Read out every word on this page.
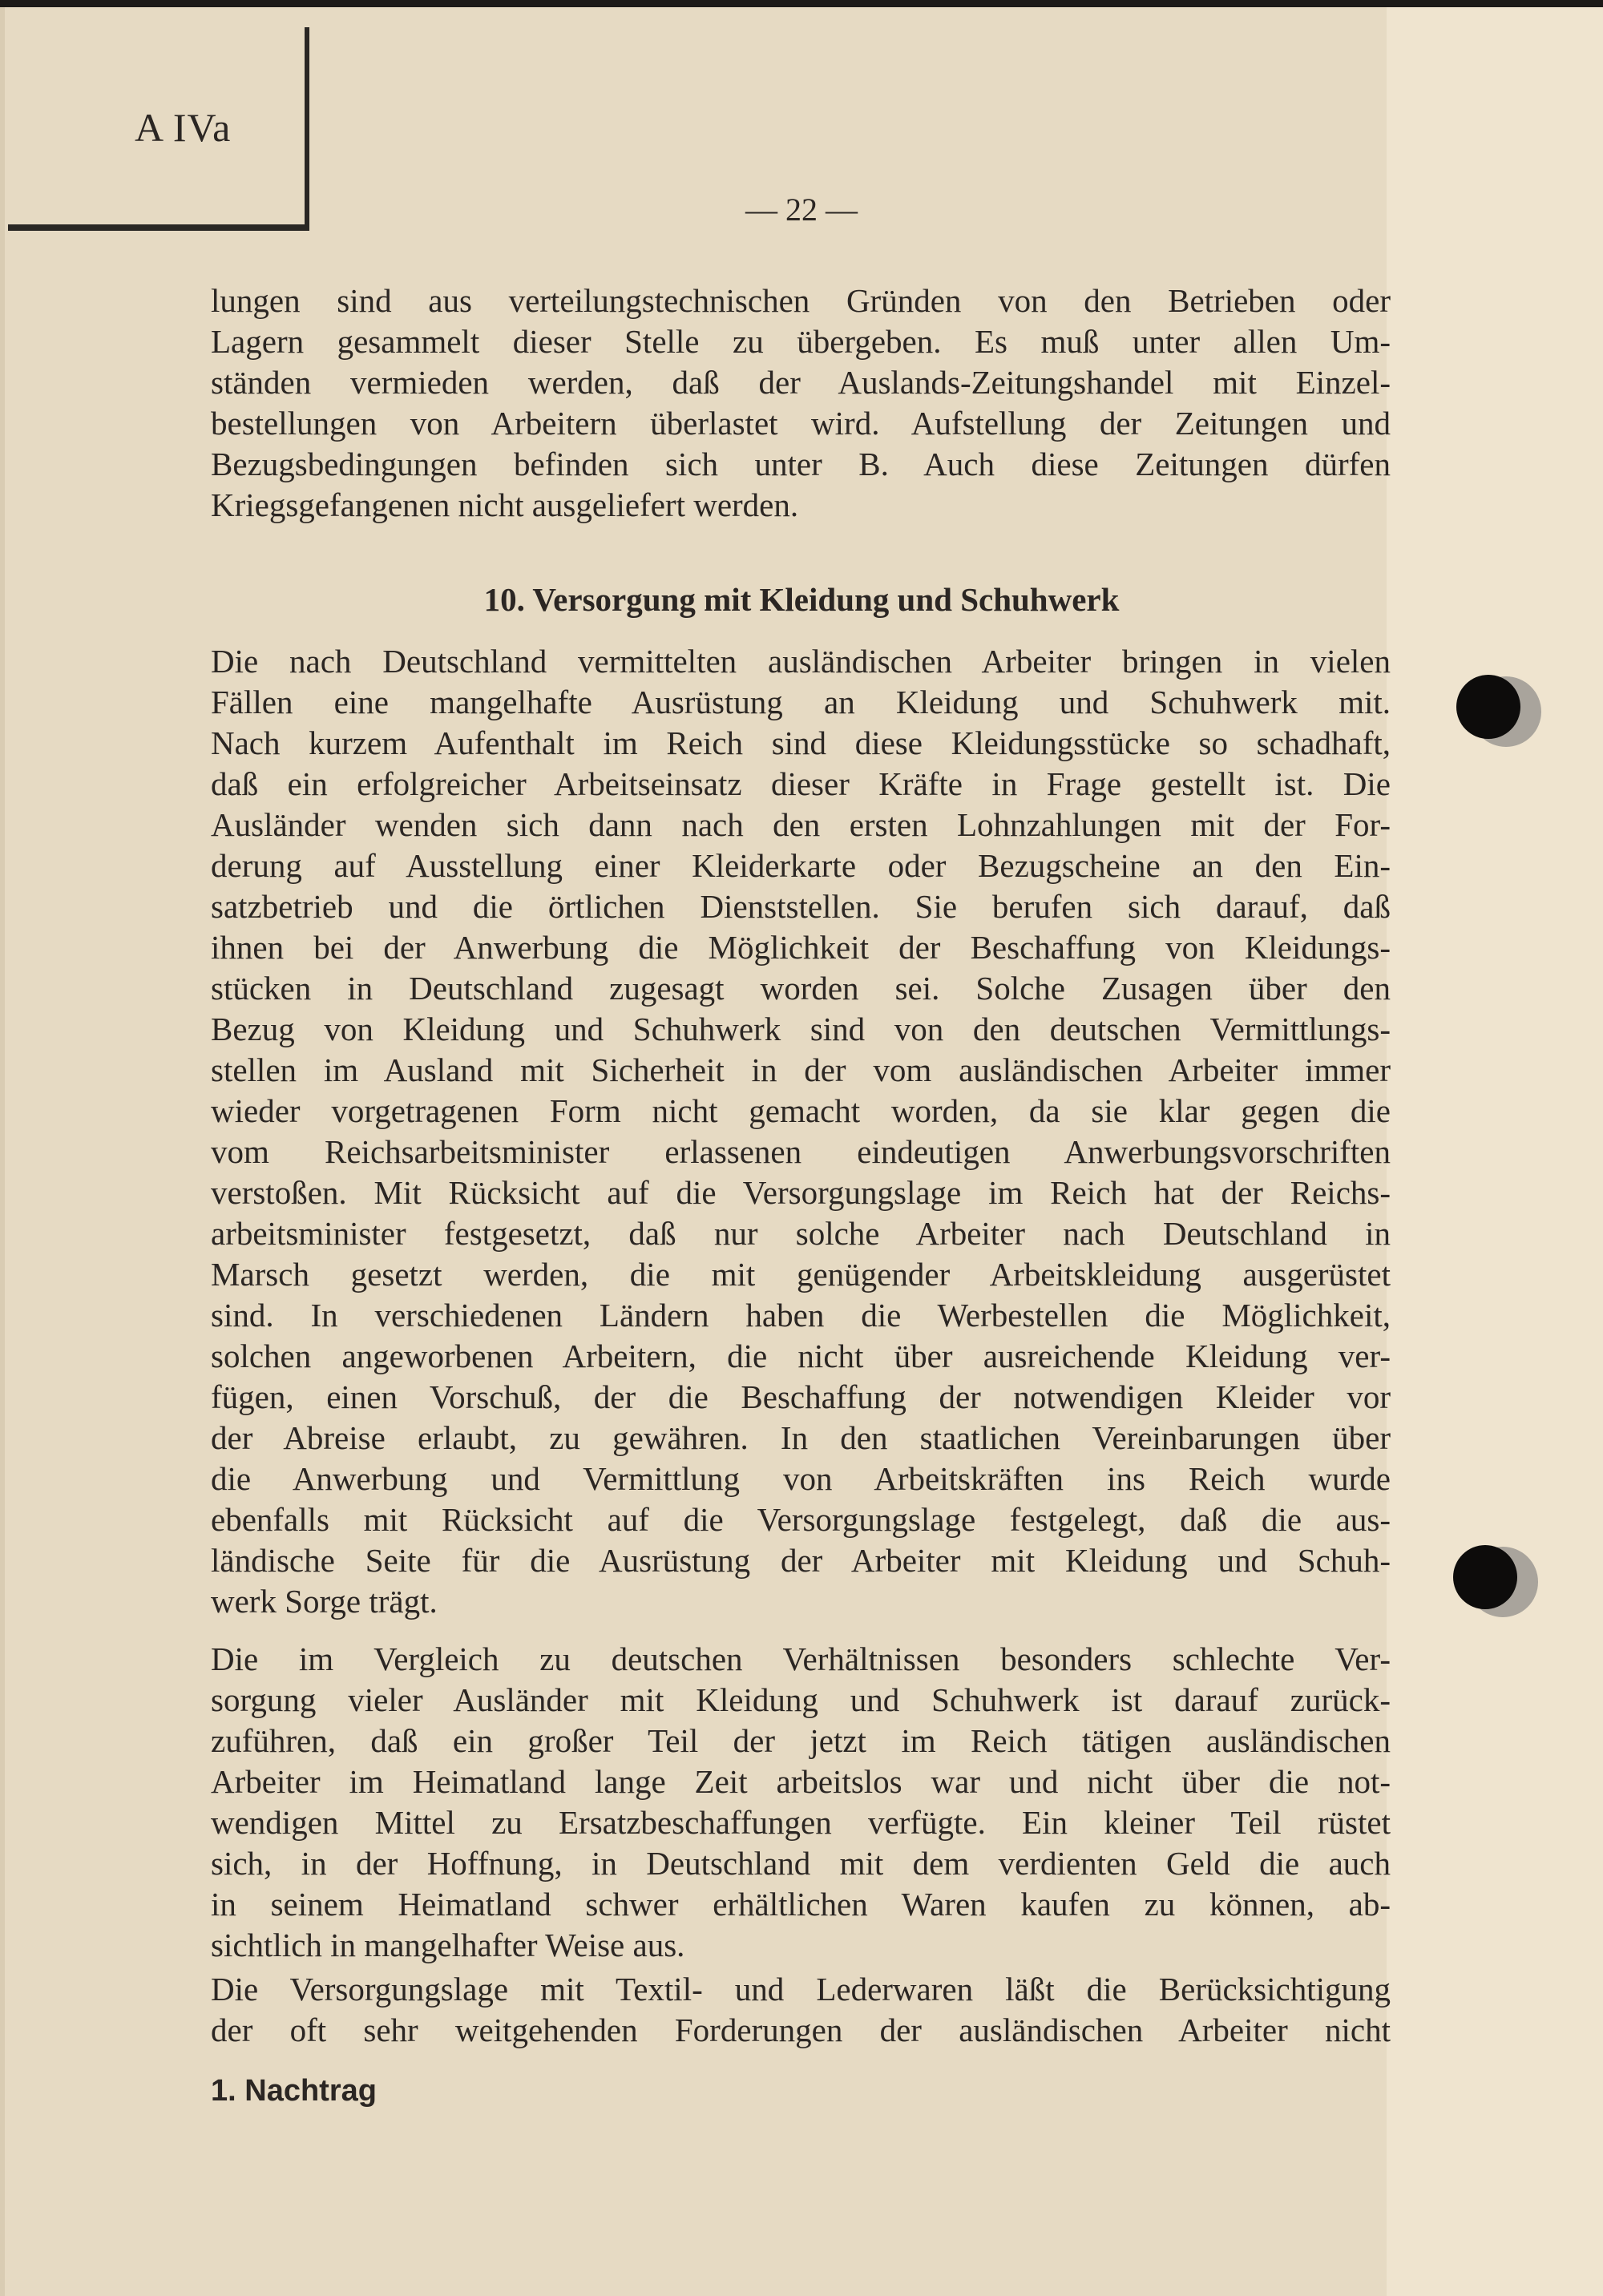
A IVa
— 22 —
lungen sind aus verteilungstechnischen Gründen von den Betrieben oder
Lagern gesammelt dieser Stelle zu übergeben. Es muß unter allen Um-
ständen vermieden werden, daß der Auslands-Zeitungshandel mit Einzel-
bestellungen von Arbeitern überlastet wird. Aufstellung der Zeitungen und
Bezugsbedingungen befinden sich unter B. Auch diese Zeitungen dürfen
Kriegsgefangenen nicht ausgeliefert werden.
10. Versorgung mit Kleidung und Schuhwerk
Die nach Deutschland vermittelten ausländischen Arbeiter bringen in vielen
Fällen eine mangelhafte Ausrüstung an Kleidung und Schuhwerk mit.
Nach kurzem Aufenthalt im Reich sind diese Kleidungsstücke so schadhaft,
daß ein erfolgreicher Arbeitseinsatz dieser Kräfte in Frage gestellt ist. Die
Ausländer wenden sich dann nach den ersten Lohnzahlungen mit der For-
derung auf Ausstellung einer Kleiderkarte oder Bezugscheine an den Ein-
satzbetrieb und die örtlichen Dienststellen. Sie berufen sich darauf, daß
ihnen bei der Anwerbung die Möglichkeit der Beschaffung von Kleidungs-
stücken in Deutschland zugesagt worden sei. Solche Zusagen über den
Bezug von Kleidung und Schuhwerk sind von den deutschen Vermittlungs-
stellen im Ausland mit Sicherheit in der vom ausländischen Arbeiter immer
wieder vorgetragenen Form nicht gemacht worden, da sie klar gegen die
vom Reichsarbeitsminister erlassenen eindeutigen Anwerbungsvorschriften
verstoßen. Mit Rücksicht auf die Versorgungslage im Reich hat der Reichs-
arbeitsminister festgesetzt, daß nur solche Arbeiter nach Deutschland in
Marsch gesetzt werden, die mit genügender Arbeitskleidung ausgerüstet
sind. In verschiedenen Ländern haben die Werbestellen die Möglichkeit,
solchen angeworbenen Arbeitern, die nicht über ausreichende Kleidung ver-
fügen, einen Vorschuß, der die Beschaffung der notwendigen Kleider vor
der Abreise erlaubt, zu gewähren. In den staatlichen Vereinbarungen über
die Anwerbung und Vermittlung von Arbeitskräften ins Reich wurde
ebenfalls mit Rücksicht auf die Versorgungslage festgelegt, daß die aus-
ländische Seite für die Ausrüstung der Arbeiter mit Kleidung und Schuh-
werk Sorge trägt.
Die im Vergleich zu deutschen Verhältnissen besonders schlechte Ver-
sorgung vieler Ausländer mit Kleidung und Schuhwerk ist darauf zurück-
zuführen, daß ein großer Teil der jetzt im Reich tätigen ausländischen
Arbeiter im Heimatland lange Zeit arbeitslos war und nicht über die not-
wendigen Mittel zu Ersatzbeschaffungen verfügte. Ein kleiner Teil rüstet
sich, in der Hoffnung, in Deutschland mit dem verdienten Geld die auch
in seinem Heimatland schwer erhältlichen Waren kaufen zu können, ab-
sichtlich in mangelhafter Weise aus.
Die Versorgungslage mit Textil- und Lederwaren läßt die Berücksichtigung
der oft sehr weitgehenden Forderungen der ausländischen Arbeiter nicht
1. Nachtrag
